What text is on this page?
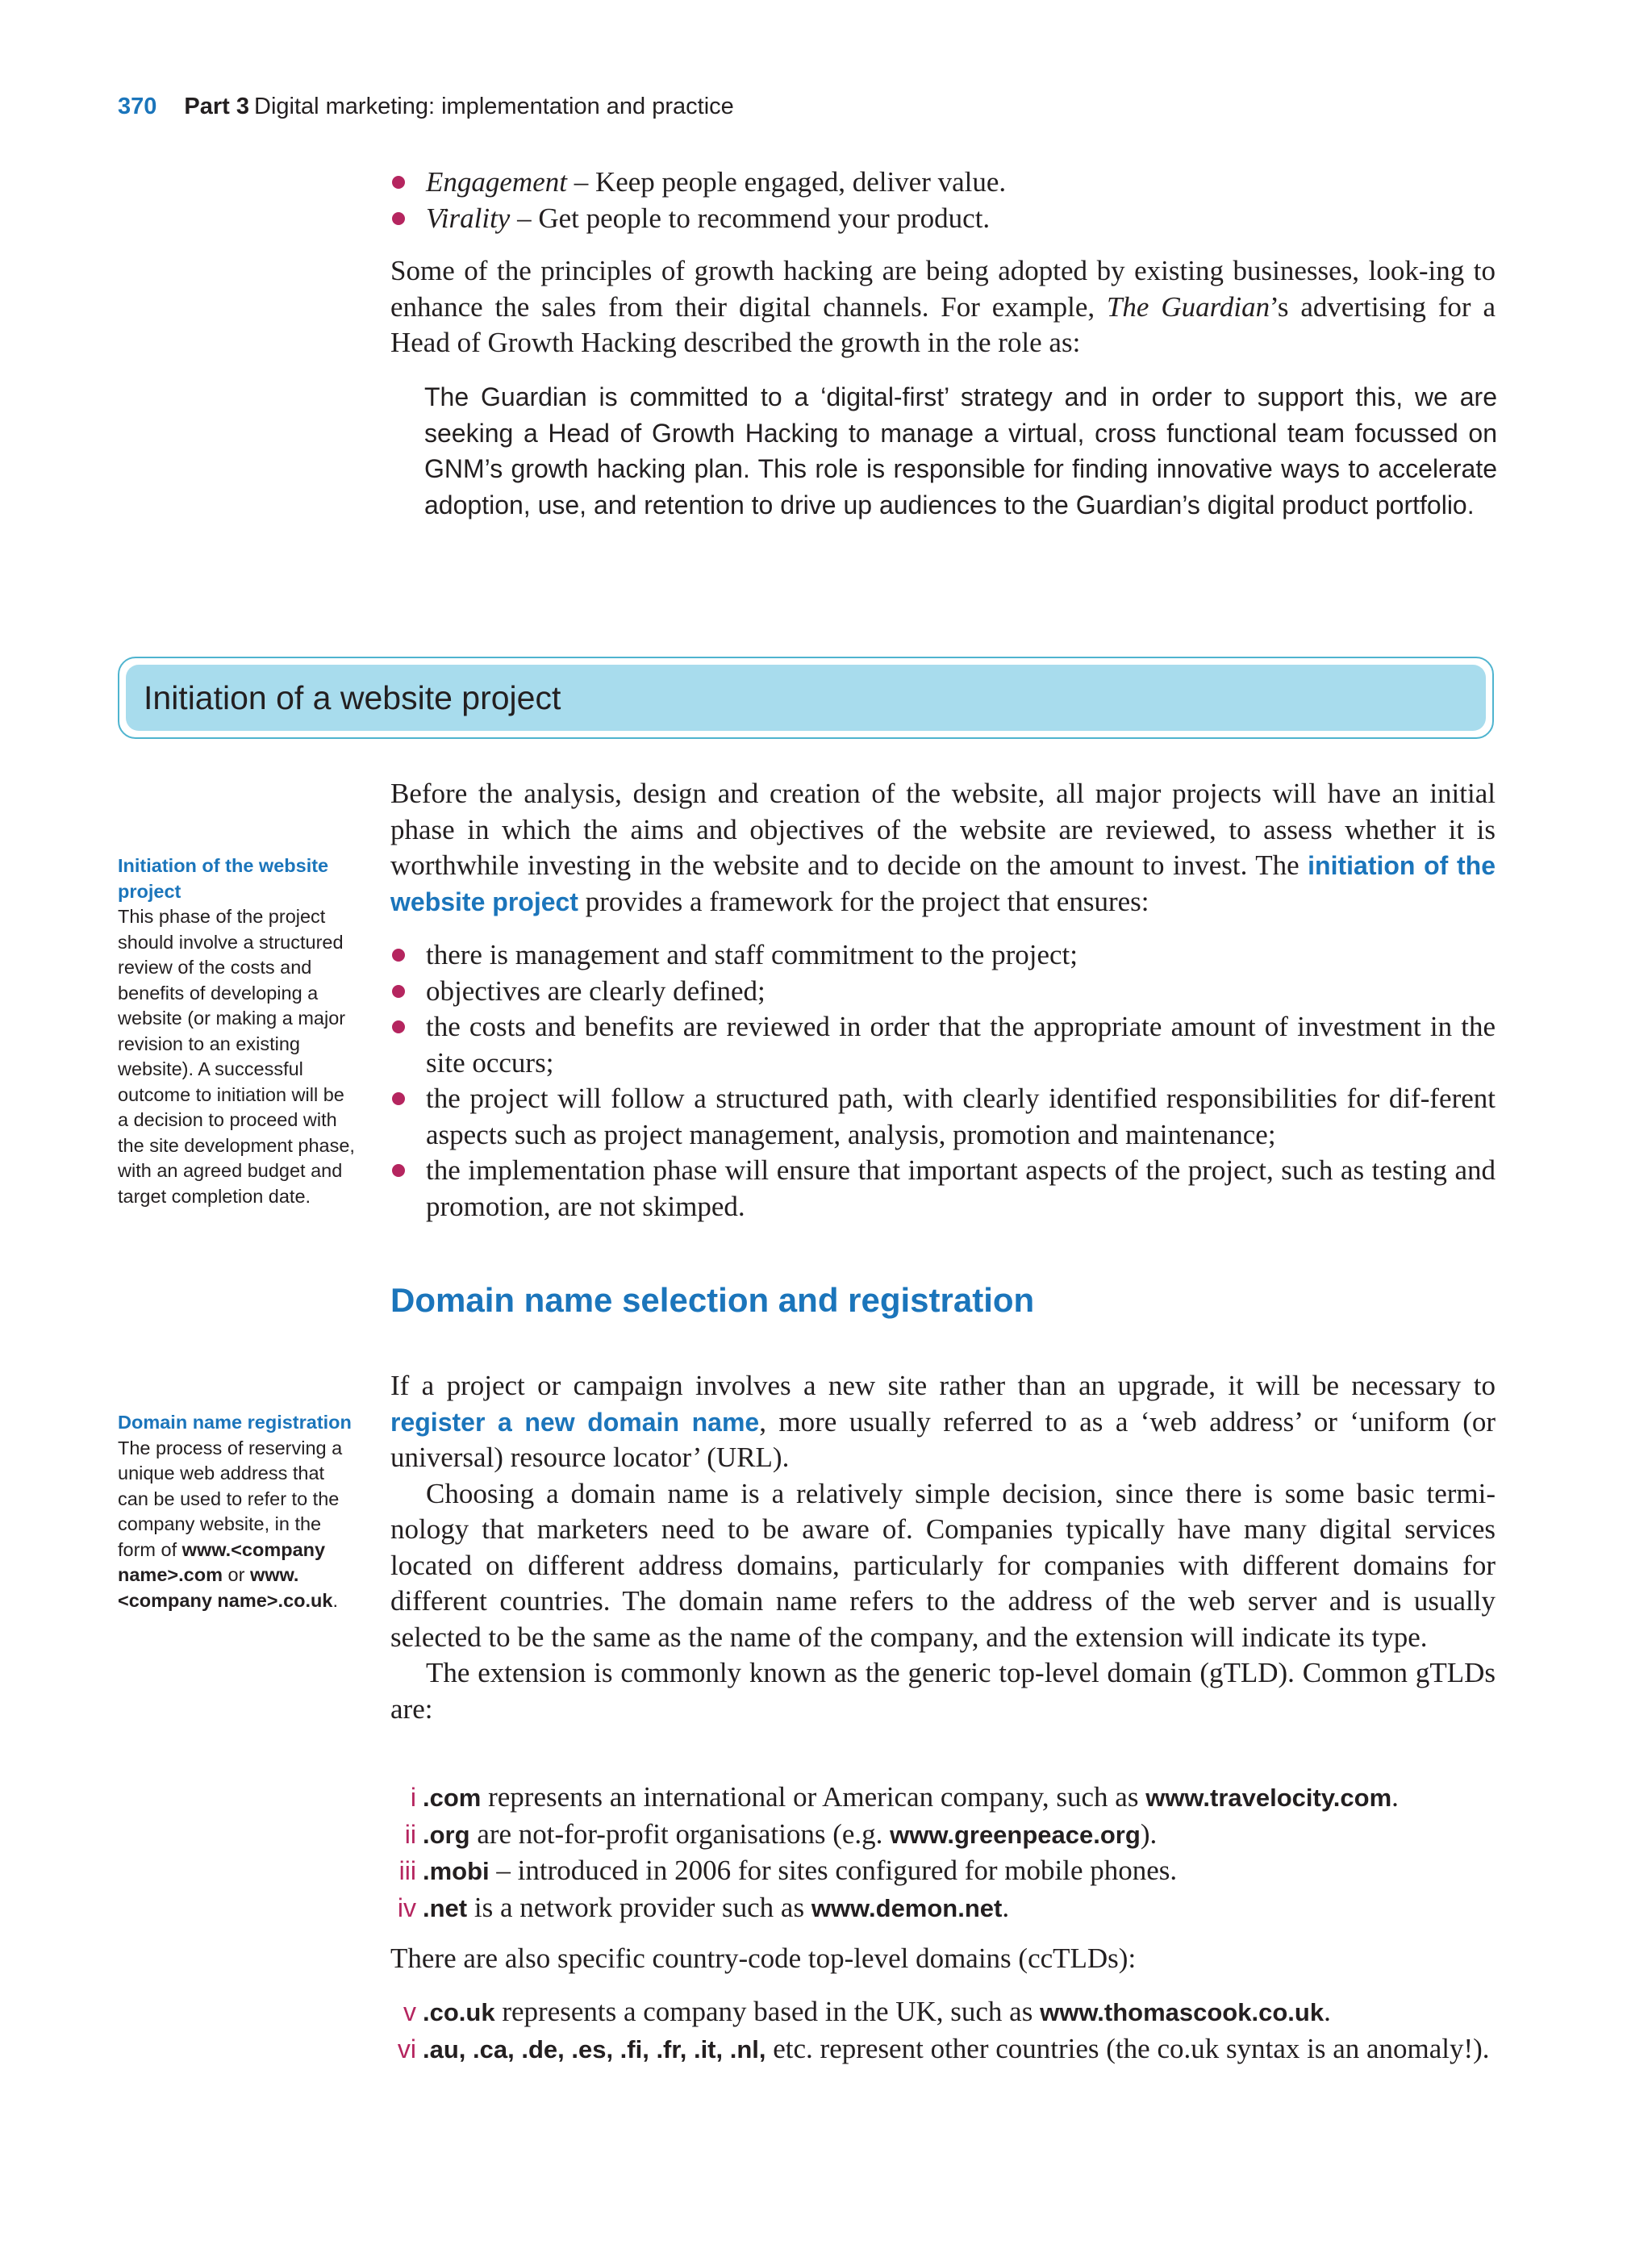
370 Part 3 Digital marketing: implementation and practice
Engagement – Keep people engaged, deliver value.
Virality – Get people to recommend your product.

Some of the principles of growth hacking are being adopted by existing businesses, look-ing to enhance the sales from their digital channels. For example, The Guardian’s advertising for a Head of Growth Hacking described the growth in the role as:

The Guardian is committed to a ‘digital-first’ strategy and in order to support this, we are seeking a Head of Growth Hacking to manage a virtual, cross functional team focussed on GNM’s growth hacking plan. This role is responsible for finding innovative ways to accelerate adoption, use, and retention to drive up audiences to the Guardian’s digital product portfolio.

Initiation of a website project
Initiation of the website project
This phase of the project should involve a structured review of the costs and benefits of developing a website (or making a major revision to an existing website). A successful outcome to initiation will be a decision to proceed with the site development phase, with an agreed budget and target completion date.

Before the analysis, design and creation of the website, all major projects will have an initial phase in which the aims and objectives of the website are reviewed, to assess whether it is worthwhile investing in the website and to decide on the amount to invest. The initiation of the website project provides a framework for the project that ensures:

there is management and staff commitment to the project;
objectives are clearly defined;
the costs and benefits are reviewed in order that the appropriate amount of investment in the site occurs;
the project will follow a structured path, with clearly identified responsibilities for dif-ferent aspects such as project management, analysis, promotion and maintenance;
the implementation phase will ensure that important aspects of the project, such as testing and promotion, are not skimped.
Domain name selection and registration
Domain name registration
The process of reserving a unique web address that can be used to refer to the company website, in the form of www.<company name>.com or www.<company name>.co.uk.

If a project or campaign involves a new site rather than an upgrade, it will be necessary to register a new domain name, more usually referred to as a ‘web address’ or ‘uniform (or universal) resource locator’ (URL).

Choosing a domain name is a relatively simple decision, since there is some basic termi-nology that marketers need to be aware of. Companies typically have many digital services located on different address domains, particularly for companies with different domains for different countries. The domain name refers to the address of the web server and is usually selected to be the same as the name of the company, and the extension will indicate its type.

The extension is commonly known as the generic top-level domain (gTLD). Common gTLDs are:

i .com represents an international or American company, such as www.travelocity.com.
ii .org are not-for-profit organisations (e.g. www.greenpeace.org).
iii .mobi – introduced in 2006 for sites configured for mobile phones.
iv .net is a network provider such as www.demon.net.

There are also specific country-code top-level domains (ccTLDs):

v .co.uk represents a company based in the UK, such as www.thomascook.co.uk.
vi .au, .ca, .de, .es, .fi, .fr, .it, .nl, etc. represent other countries (the co.uk syntax is an anomaly!).
